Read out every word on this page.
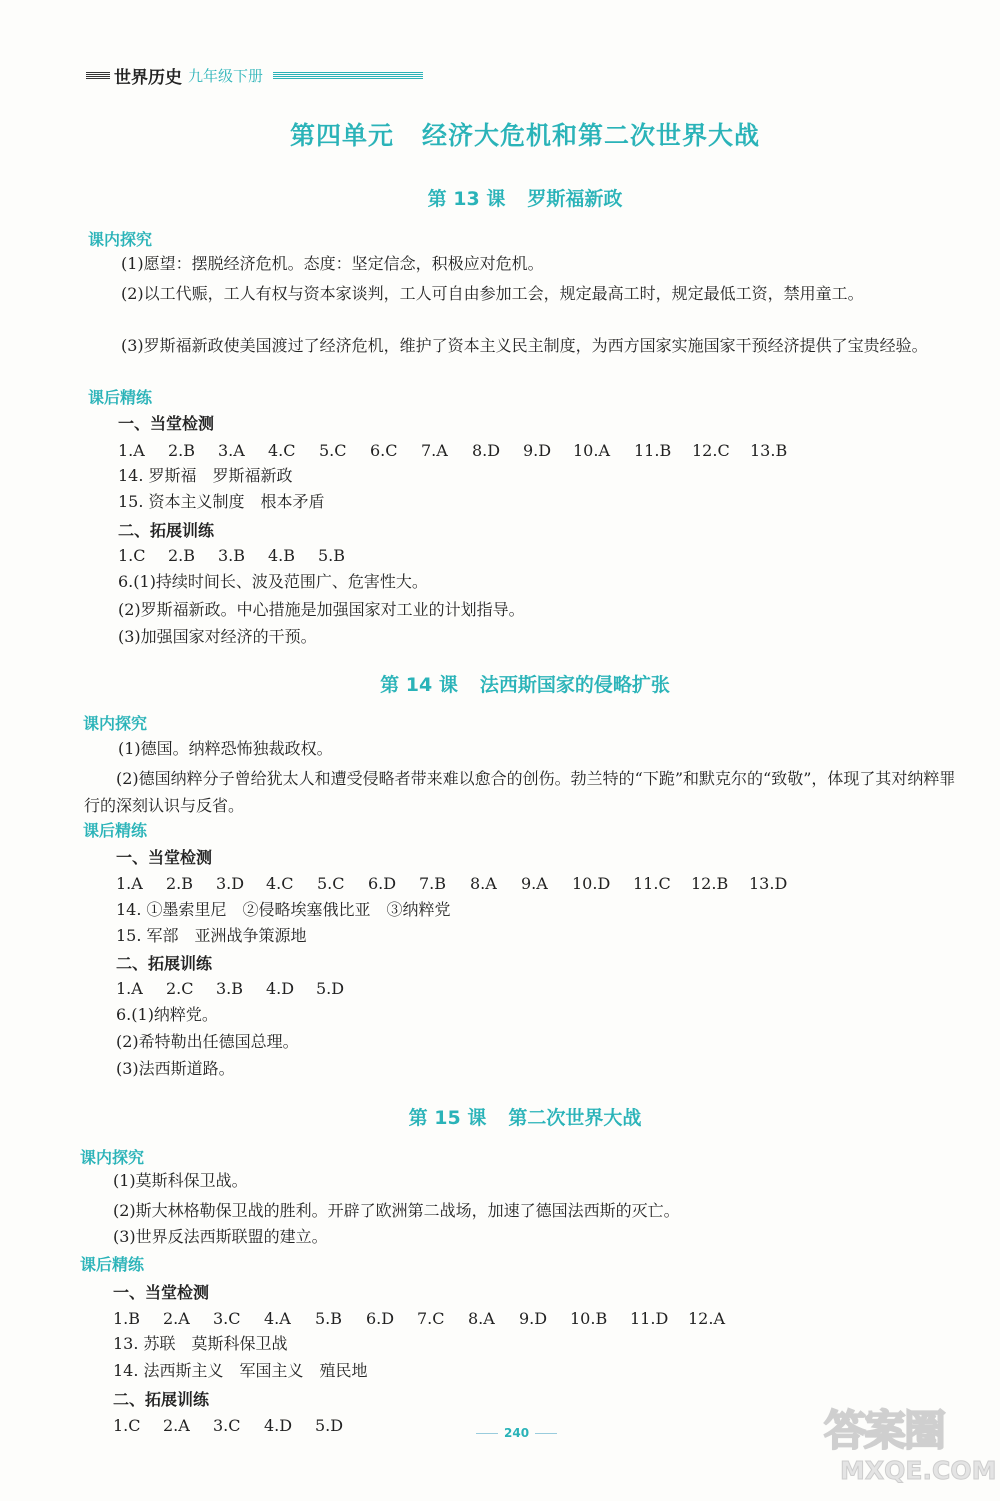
世界历史 九年级下册
第四单元 经济大危机和第二次世界大战
第 13 课 罗斯福新政
课内探究
(1)愿望：摆脱经济危机。态度：坚定信念，积极应对危机。
(2)以工代赈，工人有权与资本家谈判，工人可自由参加工会，规定最高工时，规定最低工资，禁用童工。
(3)罗斯福新政使美国渡过了经济危机，维护了资本主义民主制度，为西方国家实施国家干预经济提供了宝贵经验。
课后精练
一、当堂检测
1.A	2.B	3.A	4.C	5.C	6.C	7.A	8.D	9.D	10.A	11.B	12.C	13.B
14. 罗斯福　罗斯福新政
15. 资本主义制度　根本矛盾
二、拓展训练
1.C	2.B	3.B	4.B	5.B
6.(1)持续时间长、波及范围广、危害性大。
(2)罗斯福新政。中心措施是加强国家对工业的计划指导。
(3)加强国家对经济的干预。
第 14 课 法西斯国家的侵略扩张
课内探究
(1)德国。纳粹恐怖独裁政权。
(2)德国纳粹分子曾给犹太人和遭受侵略者带来难以愈合的创伤。勃兰特的“下跪”和默克尔的“致敬”，体现了其对纳粹罪行的深刻认识与反省。
课后精练
一、当堂检测
1.A	2.B	3.D	4.C	5.C	6.D	7.B	8.A	9.A	10.D	11.C	12.B	13.D
14. ①墨索里尼　②侵略埃塞俄比亚　③纳粹党
15. 军部　亚洲战争策源地
二、拓展训练
1.A	2.C	3.B	4.D	5.D
6.(1)纳粹党。
(2)希特勒出任德国总理。
(3)法西斯道路。
第 15 课 第二次世界大战
课内探究
(1)莫斯科保卫战。
(2)斯大林格勒保卫战的胜利。开辟了欧洲第二战场，加速了德国法西斯的灭亡。
(3)世界反法西斯联盟的建立。
课后精练
一、当堂检测
1.B	2.A	3.C	4.A	5.B	6.D	7.C	8.A	9.D	10.B	11.D	12.A
13. 苏联　莫斯科保卫战
14. 法西斯主义　军国主义　殖民地
二、拓展训练
1.C	2.A	3.C	4.D	5.D	240	答案圈
MXQE.COM
